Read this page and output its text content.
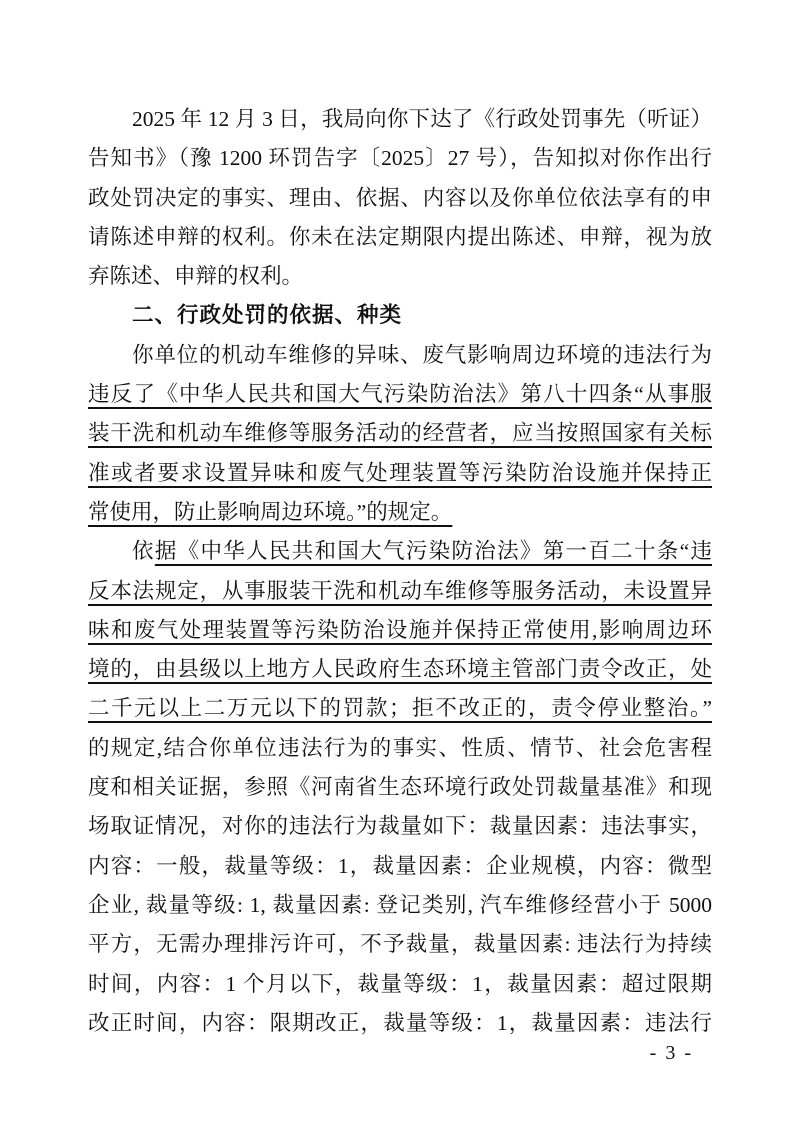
2025 年 12 月 3 日，我局向你下达了《行政处罚事先（听证）
告知书》（豫 1200 环罚告字〔2025〕27 号），告知拟对你作出行
政处罚决定的事实、理由、依据、内容以及你单位依法享有的申
请陈述申辩的权利。你未在法定期限内提出陈述、申辩，视为放
弃陈述、申辩的权利。
二、行政处罚的依据、种类
你单位的机动车维修的异味、废气影响周边环境的违法行为
违反了《中华人民共和国大气污染防治法》第八十四条“从事服
装干洗和机动车维修等服务活动的经营者，应当按照国家有关标
准或者要求设置异味和废气处理装置等污染防治设施并保持正
常使用，防止影响周边环境。”的规定。
依据《中华人民共和国大气污染防治法》第一百二十条“违
反本法规定，从事服装干洗和机动车维修等服务活动，未设置异
味和废气处理装置等污染防治设施并保持正常使用,影响周边环
境的，由县级以上地方人民政府生态环境主管部门责令改正，处
二千元以上二万元以下的罚款；拒不改正的，责令停业整治。”
的规定,结合你单位违法行为的事实、性质、情节、社会危害程
度和相关证据，参照《河南省生态环境行政处罚裁量基准》和现
场取证情况，对你的违法行为裁量如下：裁量因素：违法事实，
内容：一般，裁量等级：1，裁量因素：企业规模，内容：微型
企业, 裁量等级: 1, 裁量因素: 登记类别, 汽车维修经营小于 5000
平方，无需办理排污许可，不予裁量，裁量因素: 违法行为持续
时间，内容：1 个月以下，裁量等级：1，裁量因素：超过限期
改正时间，内容：限期改正，裁量等级：1，裁量因素：违法行
- 3 -
